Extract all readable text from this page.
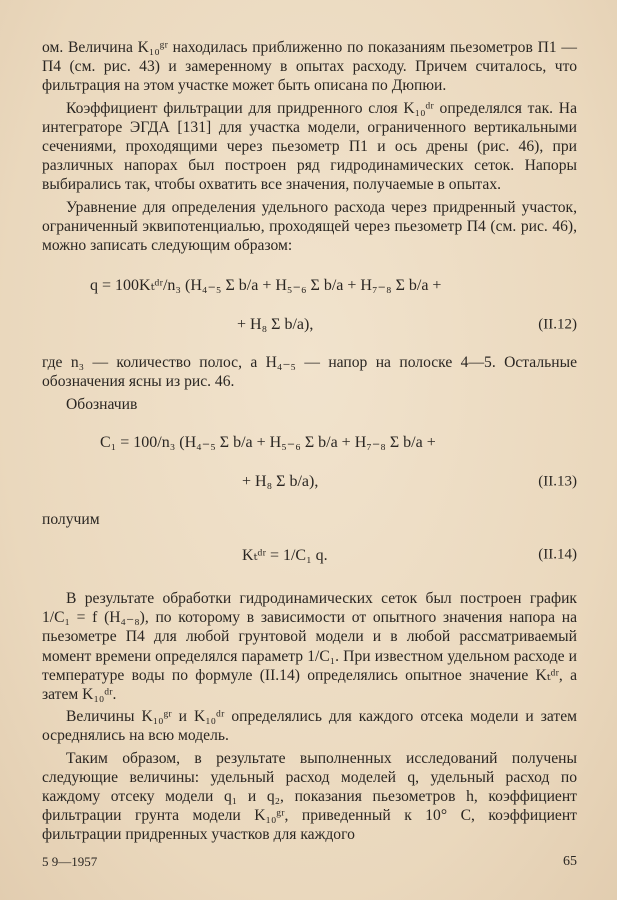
ом. Величина K₁₀ᵍʳ находилась приближенно по показаниям пьезометров П1 — П4 (см. рис. 43) и замеренному в опытах расходу. Причем считалось, что фильтрация на этом участке может быть описана по Дюпюи.

Коэффициент фильтрации для придренного слоя K₁₀ᵈʳ определялся так. На интеграторе ЭГДА [131] для участка модели, ограниченного вертикальными сечениями, проходящими через пьезометр П1 и ось дрены (рис. 46), при различных напорах был построен ряд гидродинамических сеток. Напоры выбирались так, чтобы охватить все значения, получаемые в опытах.

Уравнение для определения удельного расхода через придренный участок, ограниченный эквипотенциалью, проходящей через пьезометр П4 (см. рис. 46), можно записать следующим образом:

q = 100Kₜᵈʳ/n₃ (H₄₋₅ Σ b/a + H₅₋₆ Σ b/a + H₇₋₈ Σ b/a +
+ H₈ Σ b/a),	(II.12)

где n₃ — количество полос, а H₄₋₅ — напор на полоске 4—5. Остальные обозначения ясны из рис. 46.

Обозначив

C₁ = 100/n₃ (H₄₋₅ Σ b/a + H₅₋₆ Σ b/a + H₇₋₈ Σ b/a +
+ H₈ Σ b/a),	(II.13)

получим

Kₜᵈʳ = 1/C₁ q.	(II.14)

В результате обработки гидродинамических сеток был построен график 1/C₁ = f (H₄₋₈), по которому в зависимости от опытного значения напора на пьезометре П4 для любой грунтовой модели и в любой рассматриваемый момент времени определялся параметр 1/C₁. При известном удельном расходе и температуре воды по формуле (II.14) определялись опытное значение Kₜᵈʳ, а затем K₁₀ᵈʳ.

Величины K₁₀ᵍʳ и K₁₀ᵈʳ определялись для каждого отсека модели и затем осреднялись на всю модель.

Таким образом, в результате выполненных исследований получены следующие величины: удельный расход моделей q, удельный расход по каждому отсеку модели q₁ и q₂, показания пьезометров h, коэффициент фильтрации грунта модели K₁₀ᵍʳ, приведенный к 10° С, коэффициент фильтрации придренных участков для каждого

5 9—1957	65
